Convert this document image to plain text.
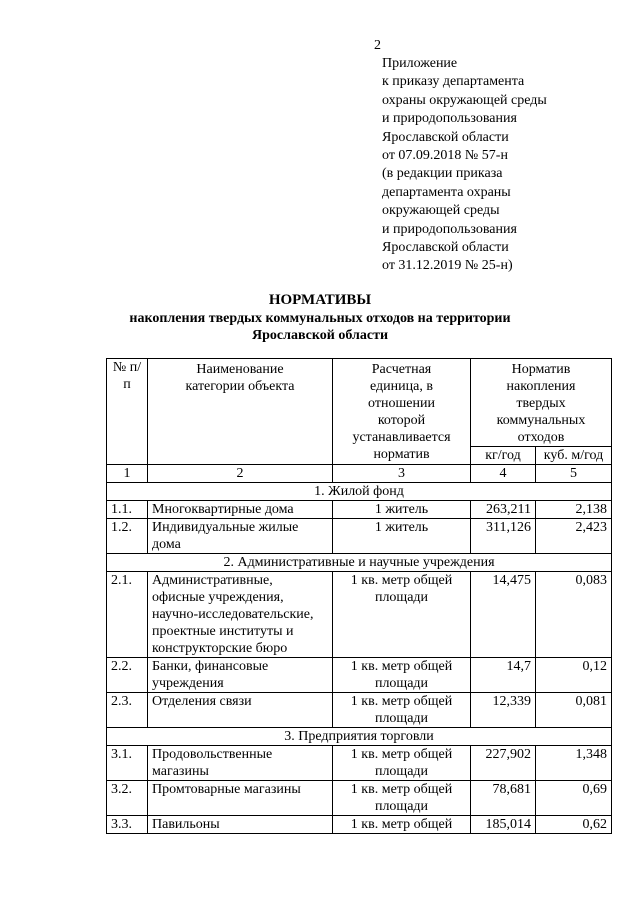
2
Приложение
к приказу департамента
охраны окружающей среды
и природопользования
Ярославской области
от 07.09.2018 № 57-н
(в редакции приказа
департамента охраны
окружающей среды
и природопользования
Ярославской области
от 31.12.2019 № 25-н)
НОРМАТИВЫ
накопления твердых коммунальных отходов на территории
Ярославской области
№ п/п	Наименование категории объекта	Расчетная единица, в отношении которой устанавливается норматив	Норматив накопления твердых коммунальных отходов	
			кг/год	куб. м/год
1	2	3	4	5
1. Жилой фонд				
1.1.	Многоквартирные дома	1 житель	263,211	2,138
1.2.	Индивидуальные жилые дома	1 житель	311,126	2,423
2. Административные и научные учреждения				
2.1.	Административные, офисные учреждения, научно-исследовательские, проектные институты и конструкторские бюро	1 кв. метр общей площади	14,475	0,083
2.2.	Банки, финансовые учреждения	1 кв. метр общей площади	14,7	0,12
2.3.	Отделения связи	1 кв. метр общей площади	12,339	0,081
3. Предприятия торговли				
3.1.	Продовольственные магазины	1 кв. метр общей площади	227,902	1,348
3.2.	Промтоварные магазины	1 кв. метр общей площади	78,681	0,69
3.3.	Павильоны	1 кв. метр общей	185,014	0,62
